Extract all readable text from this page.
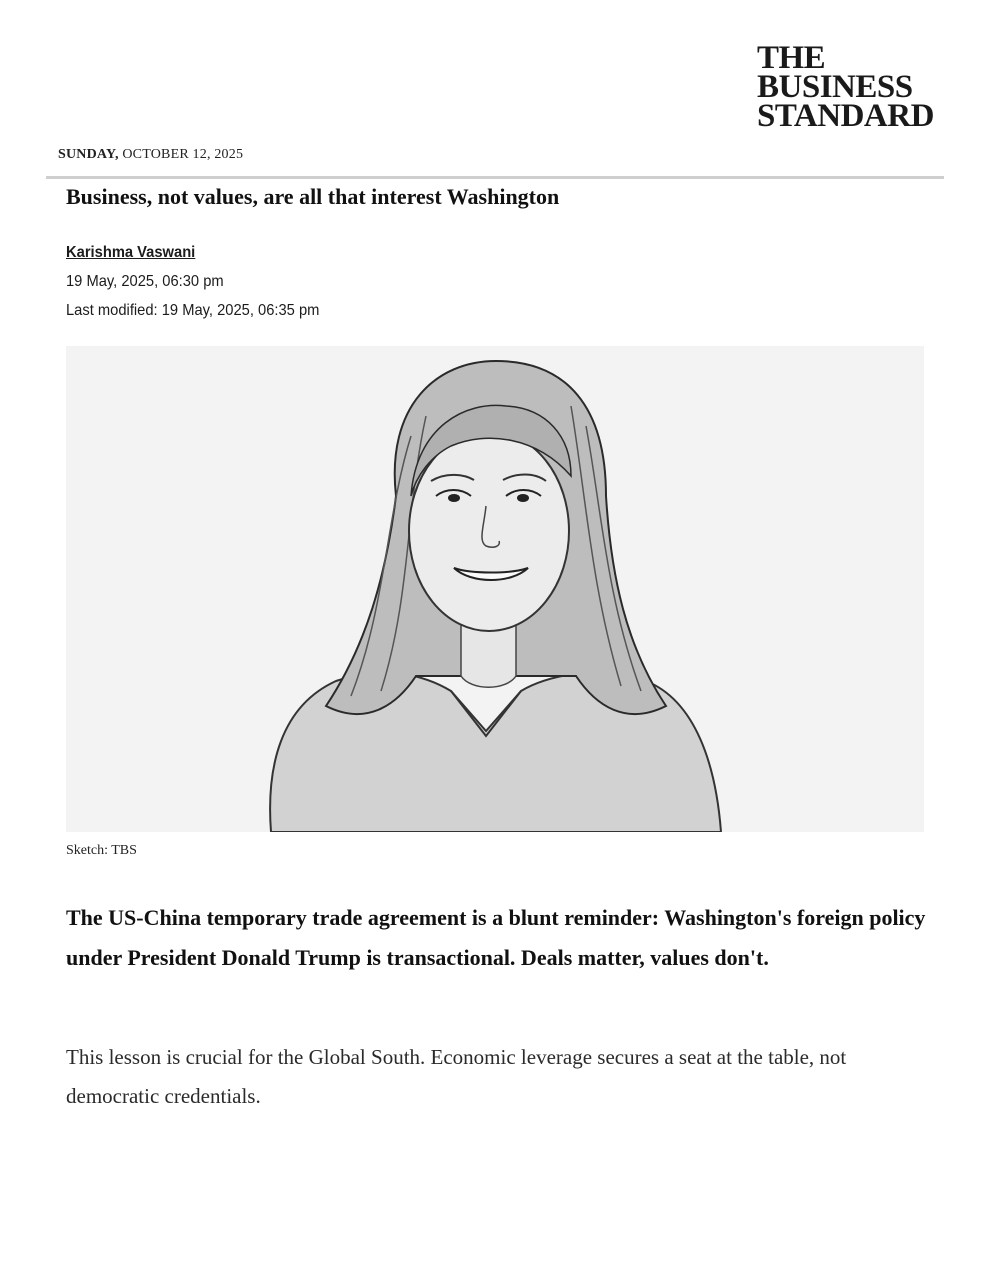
THE
BUSINESS
STANDARD
SUNDAY, OCTOBER 12, 2025
Business, not values, are all that interest Washington
Karishma Vaswani
19 May, 2025, 06:30 pm
Last modified: 19 May, 2025, 06:35 pm
Sketch: TBS

The US-China temporary trade agreement is a blunt reminder: Washington's foreign policy under President Donald Trump is transactional. Deals matter, values don't.

This lesson is crucial for the Global South. Economic leverage secures a seat at the table, not democratic credentials.
